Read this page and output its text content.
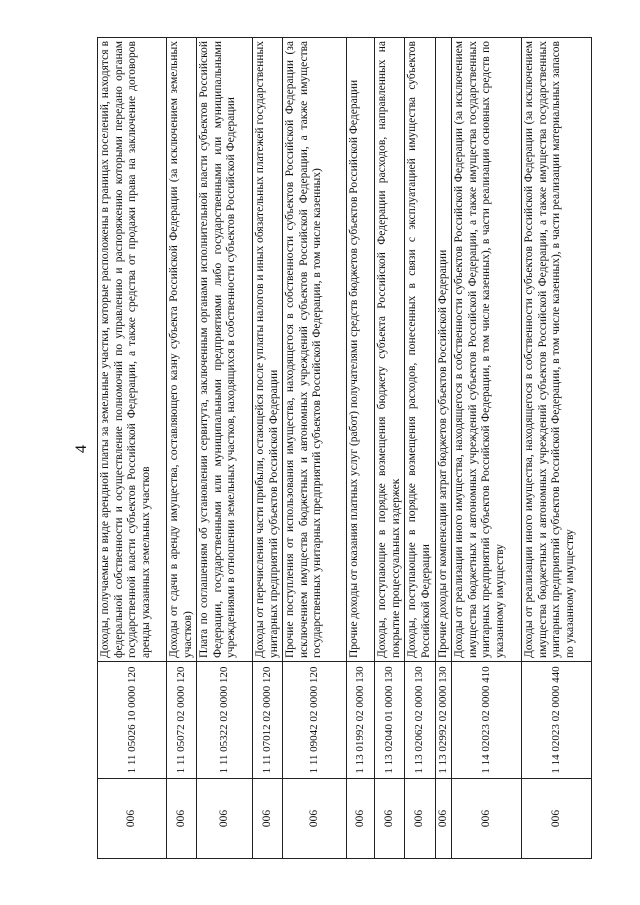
4
006	1 11 05026 10 0000 120	Доходы, получаемые в виде арендной платы за земельные участки, которые расположены в границах поселений, находятся в федеральной собственности и осуществление полномочий по управлению и распоряжению которыми передано органам государственной власти субъектов Российской Федерации, а также средства от продажи права на заключение договоров аренды указанных земельных участков
006	1 11 05072 02 0000 120	Доходы от сдачи в аренду имущества, составляющего казну субъекта Российской Федерации (за исключением земельных участков)
006	1 11 05322 02 0000 120	Плата по соглашениям об установлении сервитута, заключенным органами исполнительной власти субъектов Российской Федерации, государственными или муниципальными предприятиями либо государственными или муниципальными учреждениями в отношении земельных участков, находящихся в собственности субъектов Российской Федерации
006	1 11 07012 02 0000 120	Доходы от перечисления части прибыли, остающейся после уплаты налогов и иных обязательных платежей государственных унитарных предприятий субъектов Российской Федерации
006	1 11 09042 02 0000 120	Прочие поступления от использования имущества, находящегося в собственности субъектов Российской Федерации (за исключением имущества бюджетных и автономных учреждений субъектов Российской Федерации, а также имущества государственных унитарных предприятий субъектов Российской Федерации, в том числе казенных)
006	1 13 01992 02 0000 130	Прочие доходы от оказания платных услуг (работ) получателями средств бюджетов субъектов Российской Федерации
006	1 13 02040 01 0000 130	Доходы, поступающие в порядке возмещения бюджету субъекта Российской Федерации расходов, направленных на покрытие процессуальных издержек
006	1 13 02062 02 0000 130	Доходы, поступающие в порядке возмещения расходов, понесенных в связи с эксплуатацией имущества субъектов Российской Федерации
006	1 13 02992 02 0000 130	Прочие доходы от компенсации затрат бюджетов субъектов Российской Федерации
006	1 14 02023 02 0000 410	Доходы от реализации иного имущества, находящегося в собственности субъектов Российской Федерации (за исключением имущества бюджетных и автономных учреждений субъектов Российской Федерации, а также имущества государственных унитарных предприятий субъектов Российской Федерации, в том числе казенных), в части реализации основных средств по указанному имуществу
006	1 14 02023 02 0000 440	Доходы от реализации иного имущества, находящегося в собственности субъектов Российской Федерации (за исключением имущества бюджетных и автономных учреждений субъектов Российской Федерации, а также имущества государственных унитарных предприятий субъектов Российской Федерации, в том числе казенных), в части реализации материальных запасов по указанному имуществу
